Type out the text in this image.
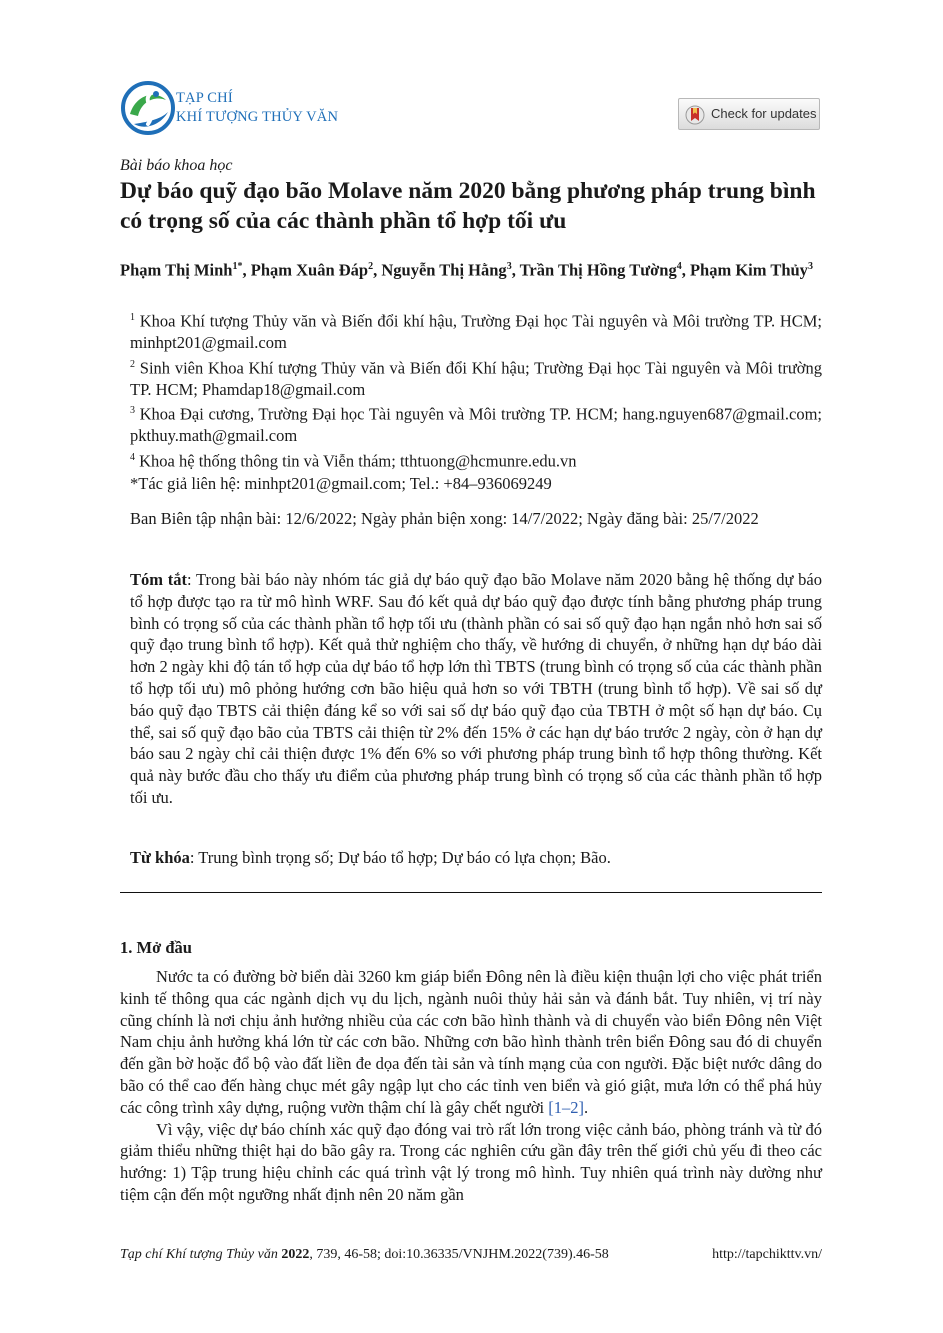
TẠP CHÍ
KHÍ TƯỢNG THỦY VĂN	Check for updates
Bài báo khoa học
Dự báo quỹ đạo bão Molave năm 2020 bằng phương pháp trung bình có trọng số của các thành phần tổ hợp tối ưu
Phạm Thị Minh$^{1*}$, Phạm Xuân Đáp$^2$, Nguyễn Thị Hằng$^3$, Trần Thị Hồng Tường$^4$, Phạm Kim Thủy$^3$

$^1$ Khoa Khí tượng Thủy văn và Biến đổi khí hậu, Trường Đại học Tài nguyên và Môi trường TP. HCM; minhpt201@gmail.com

$^2$ Sinh viên Khoa Khí tượng Thủy văn và Biến đổi Khí hậu; Trường Đại học Tài nguyên và Môi trường TP. HCM; Phamdap18@gmail.com

$^3$ Khoa Đại cương, Trường Đại học Tài nguyên và Môi trường TP. HCM; hang.nguyen687@gmail.com; pkthuy.math@gmail.com

$^4$ Khoa hệ thống thông tin và Viễn thám; tthtuong@hcmunre.edu.vn

*Tác giả liên hệ: minhpt201@gmail.com; Tel.: +84–936069249
Ban Biên tập nhận bài: 12/6/2022; Ngày phản biện xong: 14/7/2022; Ngày đăng bài: 25/7/2022
Tóm tắt: Trong bài báo này nhóm tác giả dự báo quỹ đạo bão Molave năm 2020 bằng hệ thống dự báo tổ hợp được tạo ra từ mô hình WRF. Sau đó kết quả dự báo quỹ đạo được tính bằng phương pháp trung bình có trọng số của các thành phần tổ hợp tối ưu (thành phần có sai số quỹ đạo hạn ngắn nhỏ hơn sai số quỹ đạo trung bình tổ hợp). Kết quả thử nghiệm cho thấy, về hướng di chuyển, ở những hạn dự báo dài hơn 2 ngày khi độ tán tổ hợp của dự báo tổ hợp lớn thì TBTS (trung bình có trọng số của các thành phần tổ hợp tối ưu) mô phỏng hướng cơn bão hiệu quả hơn so với TBTH (trung bình tổ hợp). Về sai số dự báo quỹ đạo TBTS cải thiện đáng kể so với sai số dự báo quỹ đạo của TBTH ở một số hạn dự báo. Cụ thể, sai số quỹ đạo bão của TBTS cải thiện từ 2% đến 15% ở các hạn dự báo trước 2 ngày, còn ở hạn dự báo sau 2 ngày chỉ cải thiện được 1% đến 6% so với phương pháp trung bình tổ hợp thông thường. Kết quả này bước đầu cho thấy ưu điểm của phương pháp trung bình có trọng số của các thành phần tổ hợp tối ưu.
Từ khóa: Trung bình trọng số; Dự báo tổ hợp; Dự báo có lựa chọn; Bão.
1. Mở đầu

Nước ta có đường bờ biển dài 3260 km giáp biển Đông nên là điều kiện thuận lợi cho việc phát triển kinh tế thông qua các ngành dịch vụ du lịch, ngành nuôi thủy hải sản và đánh bắt. Tuy nhiên, vị trí này cũng chính là nơi chịu ảnh hưởng nhiều của các cơn bão hình thành và di chuyển vào biển Đông nên Việt Nam chịu ảnh hưởng khá lớn từ các cơn bão. Những cơn bão hình thành trên biển Đông sau đó di chuyển đến gần bờ hoặc đổ bộ vào đất liền đe dọa đến tài sản và tính mạng của con người. Đặc biệt nước dâng do bão có thể cao đến hàng chục mét gây ngập lụt cho các tỉnh ven biển và gió giật, mưa lớn có thể phá hủy các công trình xây dựng, ruộng vườn thậm chí là gây chết người [1–2].

Vì vậy, việc dự báo chính xác quỹ đạo đóng vai trò rất lớn trong việc cảnh báo, phòng tránh và từ đó giảm thiểu những thiệt hại do bão gây ra. Trong các nghiên cứu gần đây trên thế giới chủ yếu đi theo các hướng: 1) Tập trung hiệu chỉnh các quá trình vật lý trong mô hình. Tuy nhiên quá trình này dường như tiệm cận đến một ngưỡng nhất định nên 20 năm gần

Tạp chí Khí tượng Thủy văn 2022, 739, 46-58; doi:10.36335/VNJHM.2022(739).46-58	http://tapchikttv.vn/
